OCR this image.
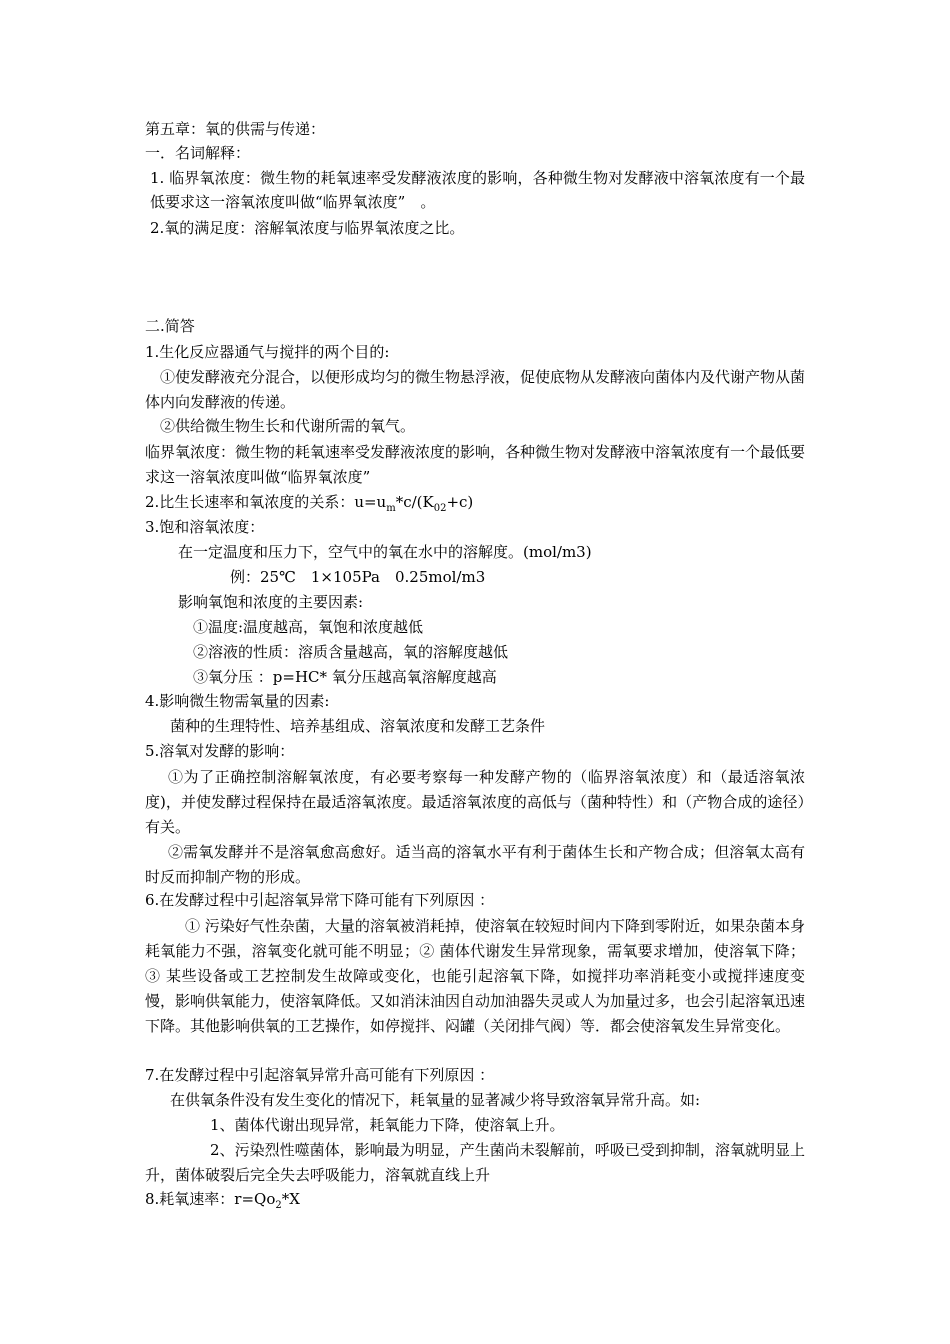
第五章：氧的供需与传递：
一．名词解释：
1. 临界氧浓度：微生物的耗氧速率受发酵液浓度的影响，各种微生物对发酵液中溶氧浓度有一个最低要求这一溶氧浓度叫做“临界氧浓度”　。
2.氧的满足度：溶解氧浓度与临界氧浓度之比。
二.简答
1.生化反应器通气与搅拌的两个目的:
①使发酵液充分混合，以便形成均匀的微生物悬浮液，促使底物从发酵液向菌体内及代谢产物从菌体内向发酵液的传递。
②供给微生物生长和代谢所需的氧气。
临界氧浓度：微生物的耗氧速率受发酵液浓度的影响，各种微生物对发酵液中溶氧浓度有一个最低要求这一溶氧浓度叫做“临界氧浓度”
2.比生长速率和氧浓度的关系：$u=u_m*c/(K_{02}+c)$
3.饱和溶氧浓度：
在一定温度和压力下，空气中的氧在水中的溶解度。(mol/m3)
例：25℃　1×105Pa　0.25mol/m3
影响氧饱和浓度的主要因素:
①温度:温度越高，氧饱和浓度越低
②溶液的性质：溶质含量越高，氧的溶解度越低
③氧分压 ：p=HC* 氧分压越高氧溶解度越高
4.影响微生物需氧量的因素:
菌种的生理特性、培养基组成、溶氧浓度和发酵工艺条件
5.溶氧对发酵的影响：
①为了正确控制溶解氧浓度，有必要考察每一种发酵产物的（临界溶氧浓度）和（最适溶氧浓度)，并使发酵过程保持在最适溶氧浓度。最适溶氧浓度的高低与（菌种特性）和（产物合成的途径）有关。
②需氧发酵并不是溶氧愈高愈好。适当高的溶氧水平有利于菌体生长和产物合成；但溶氧太高有时反而抑制产物的形成。
6.在发酵过程中引起溶氧异常下降可能有下列原因 ：
① 污染好气性杂菌，大量的溶氧被消耗掉，使溶氧在较短时间内下降到零附近，如果杂菌本身耗氧能力不强，溶氧变化就可能不明显；② 菌体代谢发生异常现象，需氧要求增加，使溶氧下降；③ 某些设备或工艺控制发生故障或变化，也能引起溶氧下降，如搅拌功率消耗变小或搅拌速度变慢，影响供氧能力，使溶氧降低。又如消沫油因自动加油器失灵或人为加量过多，也会引起溶氧迅速下降。其他影响供氧的工艺操作，如停搅拌、闷罐（关闭排气阀）等．都会使溶氧发生异常变化。
7.在发酵过程中引起溶氧异常升高可能有下列原因 ：
在供氧条件没有发生变化的情况下，耗氧量的显著减少将导致溶氧异常升高。如:
1、菌体代谢出现异常，耗氧能力下降，使溶氧上升。
2、污染烈性噬菌体，影响最为明显，产生菌尚未裂解前，呼吸已受到抑制，溶氧就明显上升，菌体破裂后完全失去呼吸能力，溶氧就直线上升
8.耗氧速率：$r=Qo_2*X$
